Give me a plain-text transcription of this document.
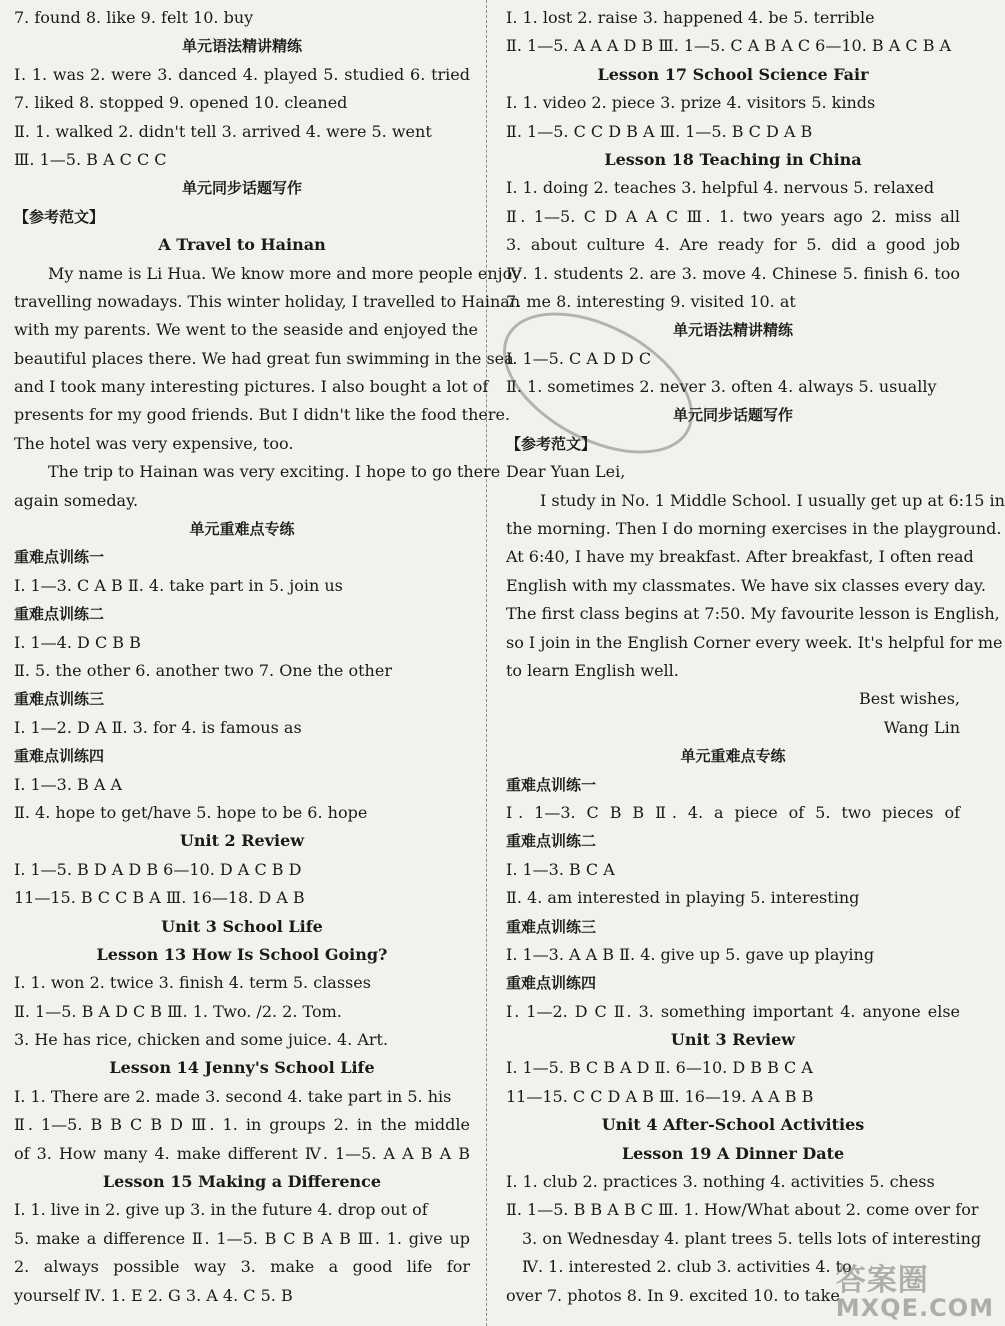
7. found 8. like 9. felt 10. buy
单元语法精讲精练
Ⅰ. 1. was 2. were 3. danced 4. played 5. studied 6. tried
7. liked 8. stopped 9. opened 10. cleaned
Ⅱ. 1. walked 2. didn't tell 3. arrived 4. were 5. went
Ⅲ. 1—5. B A C C C
单元同步话题写作
【参考范文】
A Travel to Hainan
My name is Li Hua. We know more and more people enjoy
travelling nowadays. This winter holiday, I travelled to Hainan
with my parents. We went to the seaside and enjoyed the
beautiful places there. We had great fun swimming in the sea
and I took many interesting pictures. I also bought a lot of
presents for my good friends. But I didn't like the food there.
The hotel was very expensive, too.
The trip to Hainan was very exciting. I hope to go there
again someday.
单元重难点专练
重难点训练一
Ⅰ. 1—3. C A B Ⅱ. 4. take part in 5. join us
重难点训练二
Ⅰ. 1—4. D C B B
Ⅱ. 5. the other 6. another two 7. One the other
重难点训练三
Ⅰ. 1—2. D A Ⅱ. 3. for 4. is famous as
重难点训练四
Ⅰ. 1—3. B A A
Ⅱ. 4. hope to get/have 5. hope to be 6. hope
Unit 2 Review
Ⅰ. 1—5. B D A D B 6—10. D A C B D
11—15. B C C B A Ⅲ. 16—18. D A B
Unit 3 School Life
Lesson 13 How Is School Going?
Ⅰ. 1. won 2. twice 3. finish 4. term 5. classes
Ⅱ. 1—5. B A D C B Ⅲ. 1. Two. /2. 2. Tom.
3. He has rice, chicken and some juice. 4. Art.
Lesson 14 Jenny's School Life
Ⅰ. 1. There are 2. made 3. second 4. take part in 5. his
Ⅱ. 1—5. B B C B D Ⅲ. 1. in groups 2. in the middle
of 3. How many 4. make different Ⅳ. 1—5. A A B A B
Lesson 15 Making a Difference
Ⅰ. 1. live in 2. give up 3. in the future 4. drop out of
5. make a difference Ⅱ. 1—5. B C B A B Ⅲ. 1. give up
2. always possible way 3. make a good life for
yourself Ⅳ. 1. E 2. G 3. A 4. C 5. B
Ⅰ. 1. lost 2. raise 3. happened 4. be 5. terrible
Ⅱ. 1—5. A A A D B Ⅲ. 1—5. C A B A C 6—10. B A C B A
Lesson 17 School Science Fair
Ⅰ. 1. video 2. piece 3. prize 4. visitors 5. kinds
Ⅱ. 1—5. C C D B A Ⅲ. 1—5. B C D A B
Lesson 18 Teaching in China
Ⅰ. 1. doing 2. teaches 3. helpful 4. nervous 5. relaxed
Ⅱ. 1—5. C D A A C Ⅲ. 1. two years ago 2. miss all
3. about culture 4. Are ready for 5. did a good job
Ⅳ. 1. students 2. are 3. move 4. Chinese 5. finish 6. too
7. me 8. interesting 9. visited 10. at
单元语法精讲精练
Ⅰ. 1—5. C A D D C
Ⅱ. 1. sometimes 2. never 3. often 4. always 5. usually
单元同步话题写作
【参考范文】
Dear Yuan Lei,
I study in No. 1 Middle School. I usually get up at 6:15 in
the morning. Then I do morning exercises in the playground.
At 6:40, I have my breakfast. After breakfast, I often read
English with my classmates. We have six classes every day.
The first class begins at 7:50. My favourite lesson is English,
so I join in the English Corner every week. It's helpful for me
to learn English well.
Best wishes,
Wang Lin
单元重难点专练
重难点训练一
Ⅰ. 1—3. C B B Ⅱ. 4. a piece of 5. two pieces of
重难点训练二
Ⅰ. 1—3. B C A
Ⅱ. 4. am interested in playing 5. interesting
重难点训练三
Ⅰ. 1—3. A A B Ⅱ. 4. give up 5. gave up playing
重难点训练四
Ⅰ. 1—2. D C Ⅱ. 3. something important 4. anyone else
Unit 3 Review
Ⅰ. 1—5. B C B A D Ⅱ. 6—10. D B B C A
11—15. C C D A B Ⅲ. 16—19. A A B B
Unit 4 After-School Activities
Lesson 19 A Dinner Date
Ⅰ. 1. club 2. practices 3. nothing 4. activities 5. chess
Ⅱ. 1—5. B B A B C Ⅲ. 1. How/What about 2. come over for
3. on Wednesday 4. plant trees 5. tells lots of interesting
Ⅳ. 1. interested 2. club 3. activities 4. to
over 7. photos 8. In 9. excited 10. to take
答案圈
MXQE.COM
